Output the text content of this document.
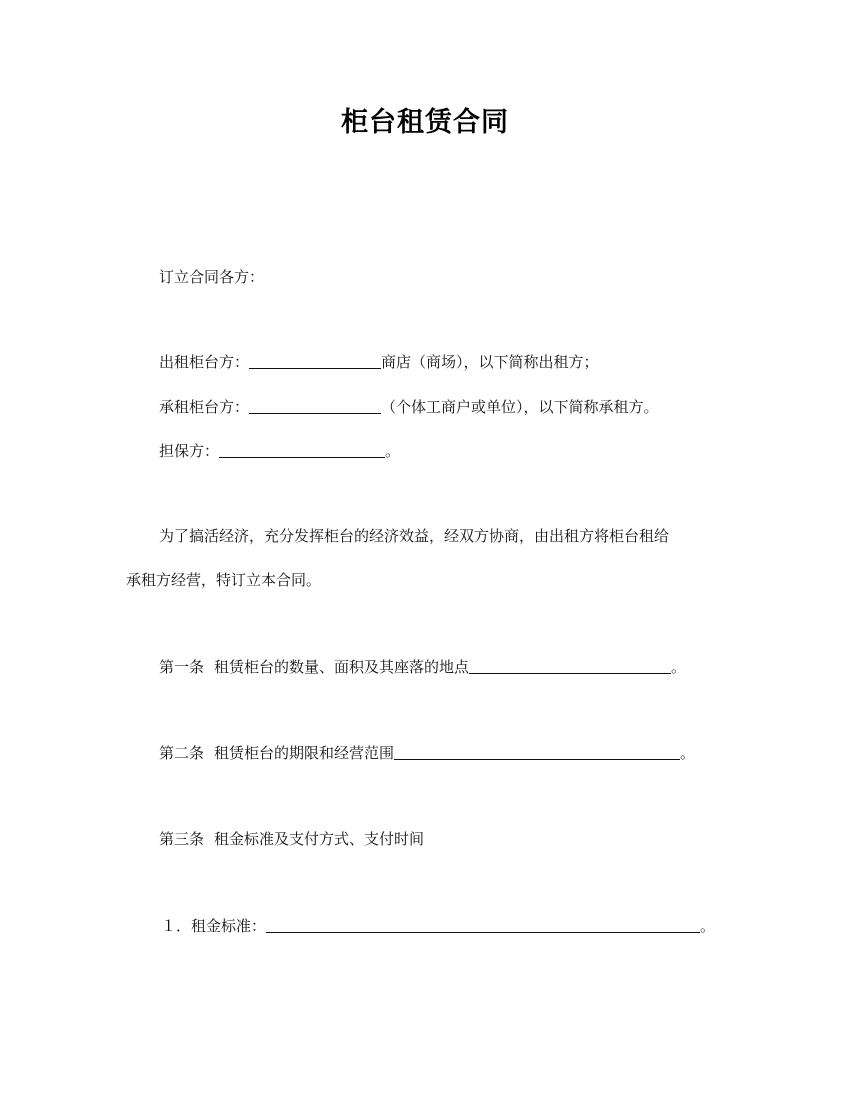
柜台租赁合同
订立合同各方：
出租柜台方：	商店（商场），以下简称出租方；
承租柜台方：	（个体工商户或单位），以下简称承租方。
担保方：	。
为了搞活经济，充分发挥柜台的经济效益，经双方协商，由出租方将柜台租给
承租方经营，特订立本合同。
第一条 租赁柜台的数量、面积及其座落的地点	。
第二条 租赁柜台的期限和经营范围	。
第三条 租金标准及支付方式、支付时间
１．租金标准：	。
